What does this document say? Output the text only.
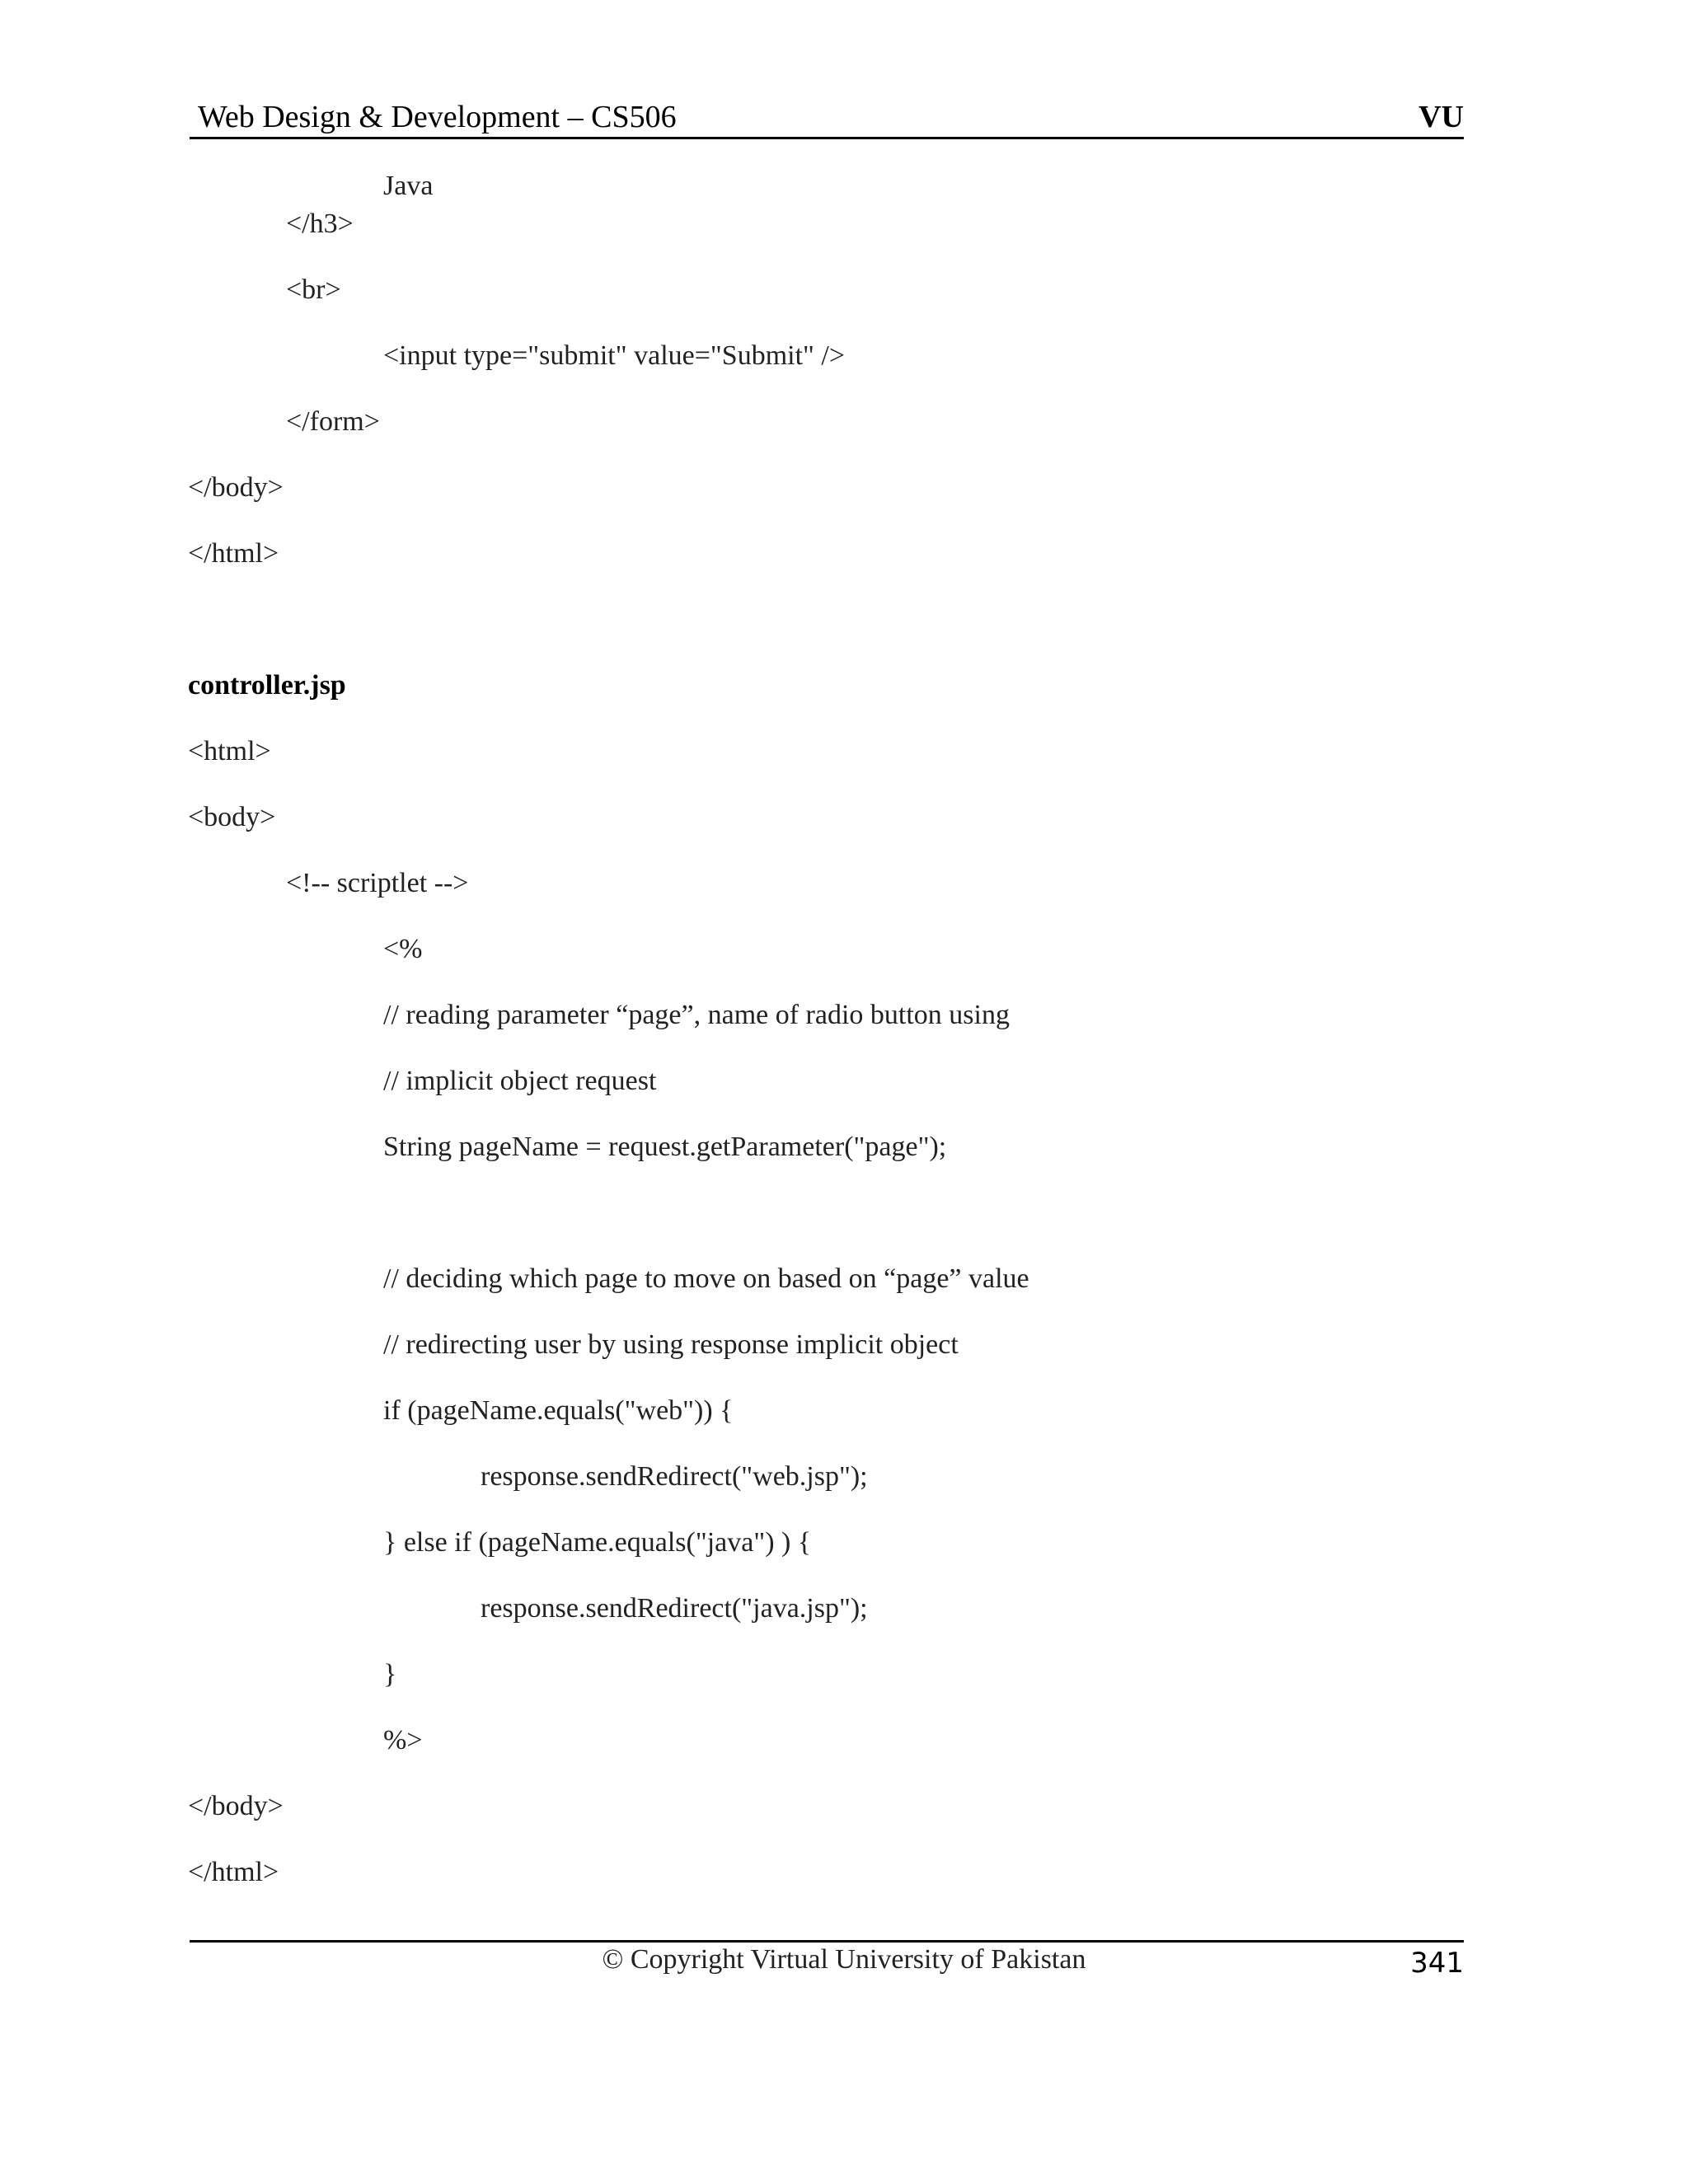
Web Design & Development – CS506	VU
Java
</h3>
<br>
<input type="submit" value="Submit" />
</form>
</body>
</html>
controller.jsp
<html>
<body>
<!-- scriptlet -->
<%
// reading parameter “page”, name of radio button using
// implicit object request
String pageName = request.getParameter("page");
// deciding which page to move on based on “page” value
// redirecting user by using response implicit object
if (pageName.equals("web")) {
response.sendRedirect("web.jsp");
} else if (pageName.equals("java") ) {
response.sendRedirect("java.jsp");
}
%>
</body>
</html>
© Copyright Virtual University of Pakistan	341
